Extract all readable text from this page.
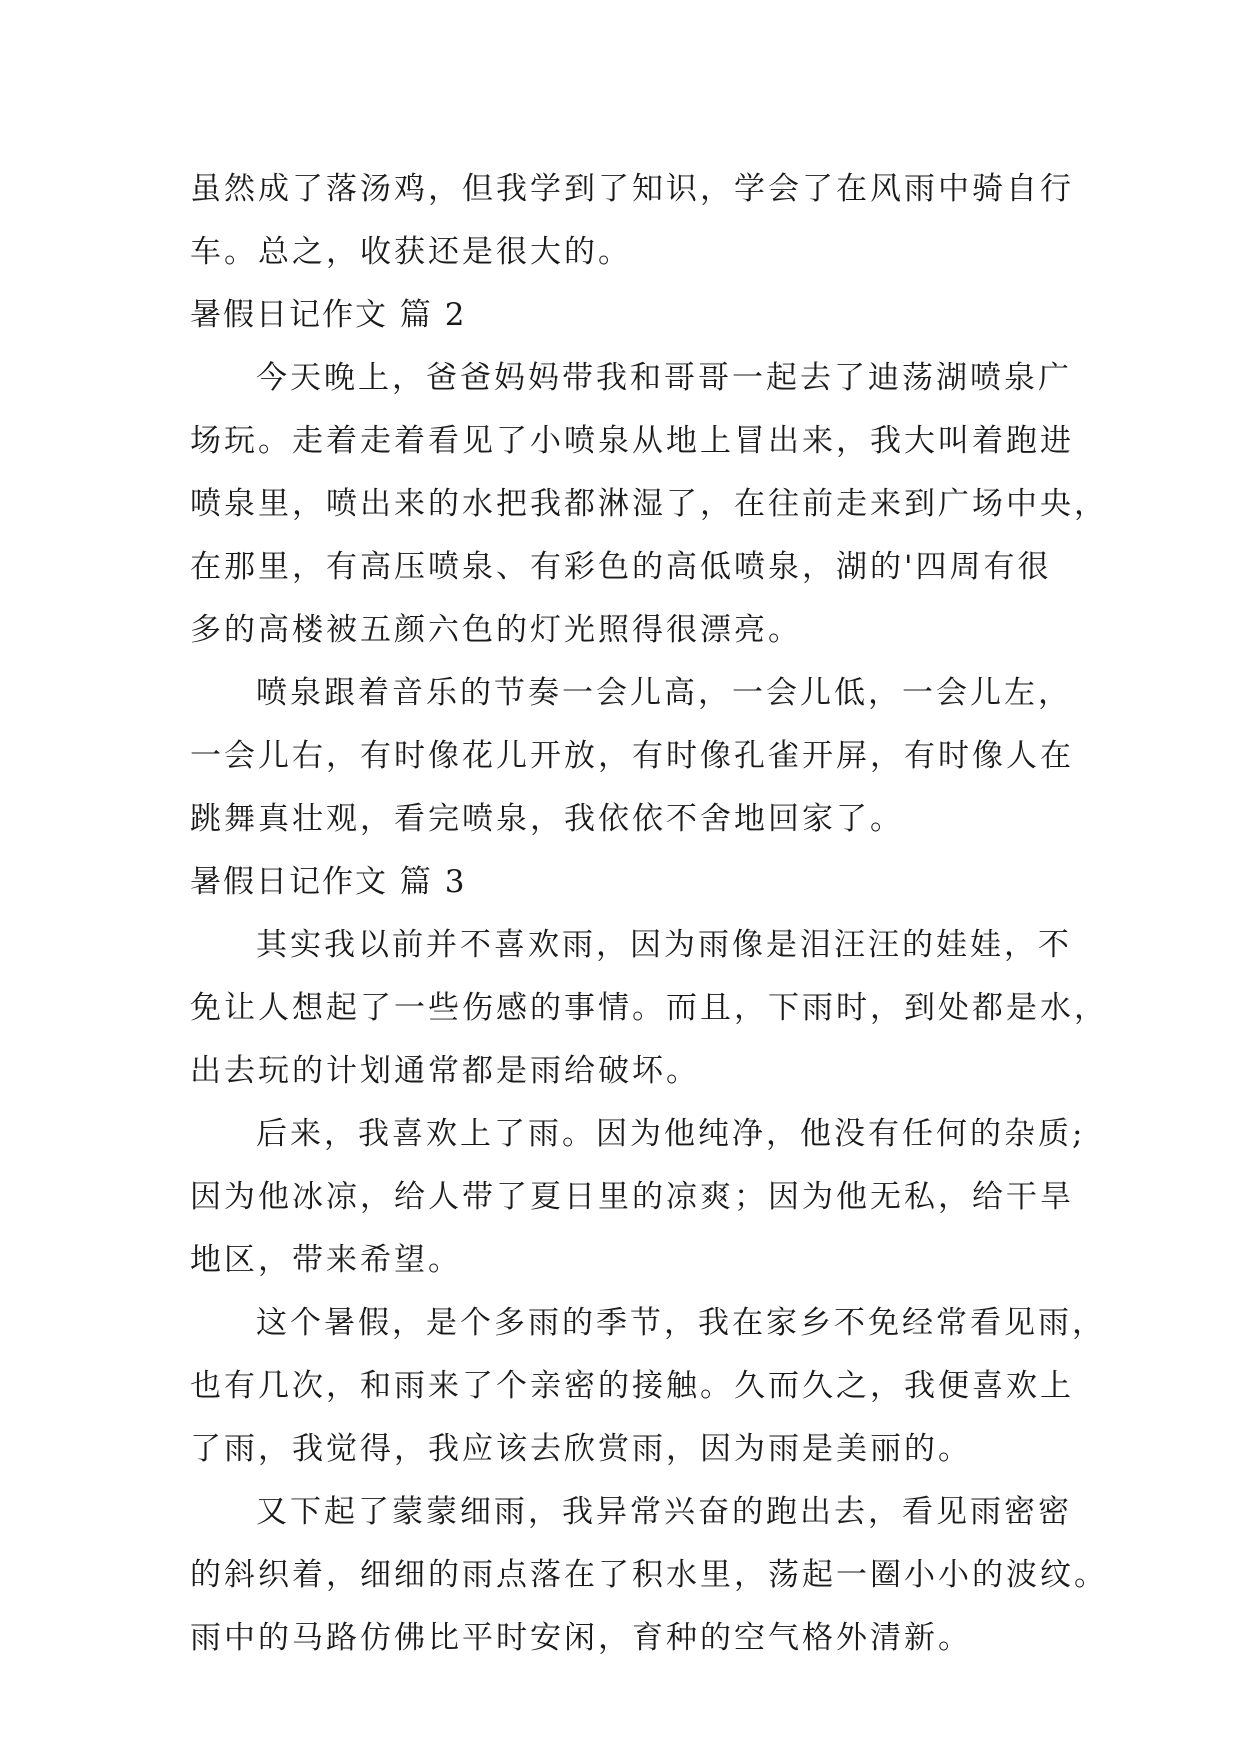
虽然成了落汤鸡，但我学到了知识，学会了在风雨中骑自行
车。总之，收获还是很大的。
暑假日记作文 篇 2
今天晚上，爸爸妈妈带我和哥哥一起去了迪荡湖喷泉广
场玩。走着走着看见了小喷泉从地上冒出来，我大叫着跑进
喷泉里，喷出来的水把我都淋湿了，在往前走来到广场中央，
在那里，有高压喷泉、有彩色的高低喷泉，湖的'四周有很
多的高楼被五颜六色的灯光照得很漂亮。
喷泉跟着音乐的节奏一会儿高，一会儿低，一会儿左，
一会儿右，有时像花儿开放，有时像孔雀开屏，有时像人在
跳舞真壮观，看完喷泉，我依依不舍地回家了。
暑假日记作文 篇 3
其实我以前并不喜欢雨，因为雨像是泪汪汪的娃娃，不
免让人想起了一些伤感的事情。而且，下雨时，到处都是水，
出去玩的计划通常都是雨给破坏。
后来，我喜欢上了雨。因为他纯净，他没有任何的杂质;
因为他冰凉，给人带了夏日里的凉爽；因为他无私，给干旱
地区，带来希望。
这个暑假，是个多雨的季节，我在家乡不免经常看见雨，
也有几次，和雨来了个亲密的接触。久而久之，我便喜欢上
了雨，我觉得，我应该去欣赏雨，因为雨是美丽的。
又下起了蒙蒙细雨，我异常兴奋的跑出去，看见雨密密
的斜织着，细细的雨点落在了积水里，荡起一圈小小的波纹。
雨中的马路仿佛比平时安闲，育种的空气格外清新。
